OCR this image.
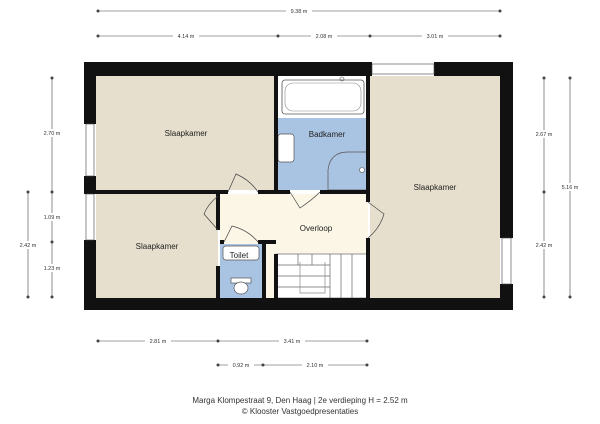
Slaapkamer	Badkamer
Slaapkamer
Overloop
Slaapkamer
Toilet
9.38 m
4.14 m	2.08 m	3.01 m
2.81 m	3.41 m
0.92 m	2.10 m
2.70 m
1.09 m
1.23 m
2.42 m
2.67 m
2.42 m
5.16 m
Marga Klompestraat 9, Den Haag | 2e verdieping H = 2.52 m
© Klooster Vastgoedpresentaties
